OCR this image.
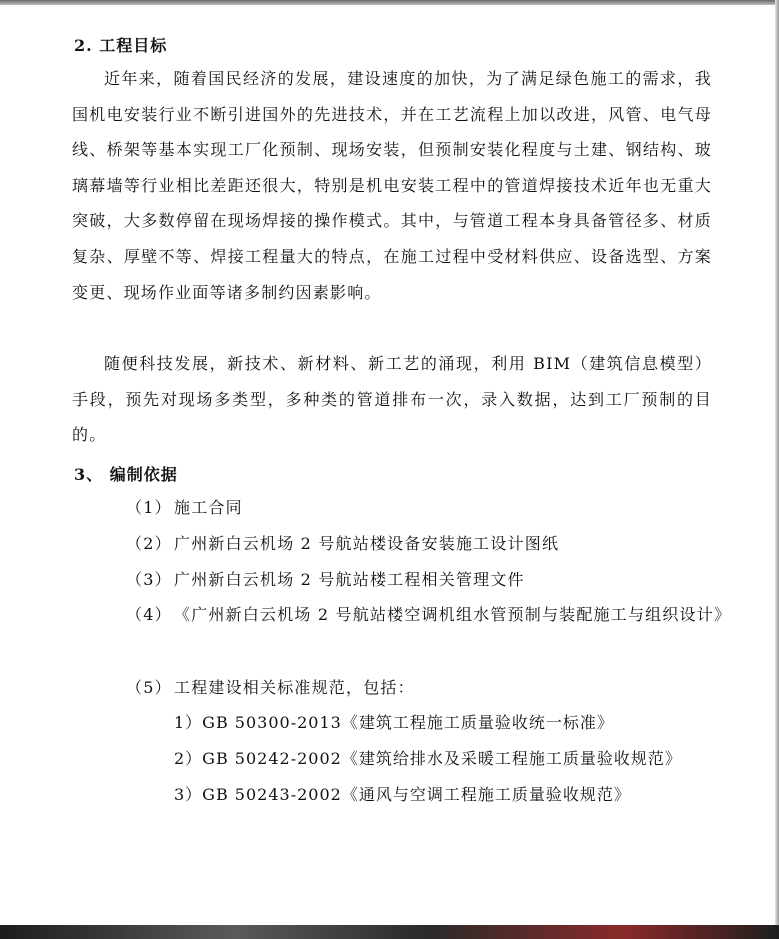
2. 工程目标

近年来，随着国民经济的发展，建设速度的加快，为了满足绿色施工的需求，我国机电安装行业不断引进国外的先进技术，并在工艺流程上加以改进，风管、电气母线、桥架等基本实现工厂化预制、现场安装，但预制安装化程度与土建、钢结构、玻璃幕墙等行业相比差距还很大，特别是机电安装工程中的管道焊接技术近年也无重大突破，大多数停留在现场焊接的操作模式。其中，与管道工程本身具备管径多、材质复杂、厚壁不等、焊接工程量大的特点，在施工过程中受材料供应、设备选型、方案变更、现场作业面等诸多制约因素影响。

随便科技发展，新技术、新材料、新工艺的涌现，利用 BIM（建筑信息模型）手段，预先对现场多类型，多种类的管道排布一次，录入数据，达到工厂预制的目的。

3、 编制依据
（1） 施工合同
（2） 广州新白云机场 2 号航站楼设备安装施工设计图纸
（3） 广州新白云机场 2 号航站楼工程相关管理文件
（4） 《广州新白云机场 2 号航站楼空调机组水管预制与装配施工与组织设计》
（5） 工程建设相关标准规范，包括：
1）GB 50300-2013《建筑工程施工质量验收统一标准》
2）GB 50242-2002《建筑给排水及采暖工程施工质量验收规范》
3）GB 50243-2002《通风与空调工程施工质量验收规范》
